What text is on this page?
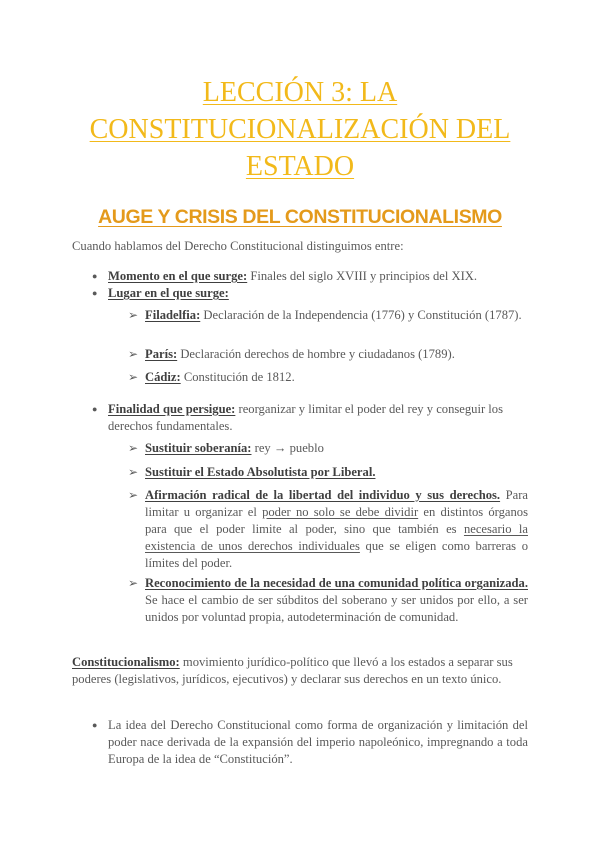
LECCIÓN 3: LA CONSTITUCIONALIZACIÓN DEL ESTADO
AUGE Y CRISIS DEL CONSTITUCIONALISMO
Cuando hablamos del Derecho Constitucional distinguimos entre:
● Momento en el que surge: Finales del siglo XVIII y principios del XIX.
● Lugar en el que surge:
➢ Filadelfia: Declaración de la Independencia (1776) y Constitución (1787).
➢ París: Declaración derechos de hombre y ciudadanos (1789).
➢ Cádiz: Constitución de 1812.
● Finalidad que persigue: reorganizar y limitar el poder del rey y conseguir los derechos fundamentales.
➢ Sustituir soberanía: rey → pueblo
➢ Sustituir el Estado Absolutista por Liberal.
➢ Afirmación radical de la libertad del individuo y sus derechos. Para limitar u organizar el poder no solo se debe dividir en distintos órganos para que el poder limite al poder, sino que también es necesario la existencia de unos derechos individuales que se eligen como barreras o límites del poder.
➢ Reconocimiento de la necesidad de una comunidad política organizada. Se hace el cambio de ser súbditos del soberano y ser unidos por ello, a ser unidos por voluntad propia, autodeterminación de comunidad.
Constitucionalismo: movimiento jurídico-político que llevó a los estados a separar sus poderes (legislativos, jurídicos, ejecutivos) y declarar sus derechos en un texto único.
● La idea del Derecho Constitucional como forma de organización y limitación del poder nace derivada de la expansión del imperio napoleónico, impregnando a toda Europa de la idea de “Constitución”.
